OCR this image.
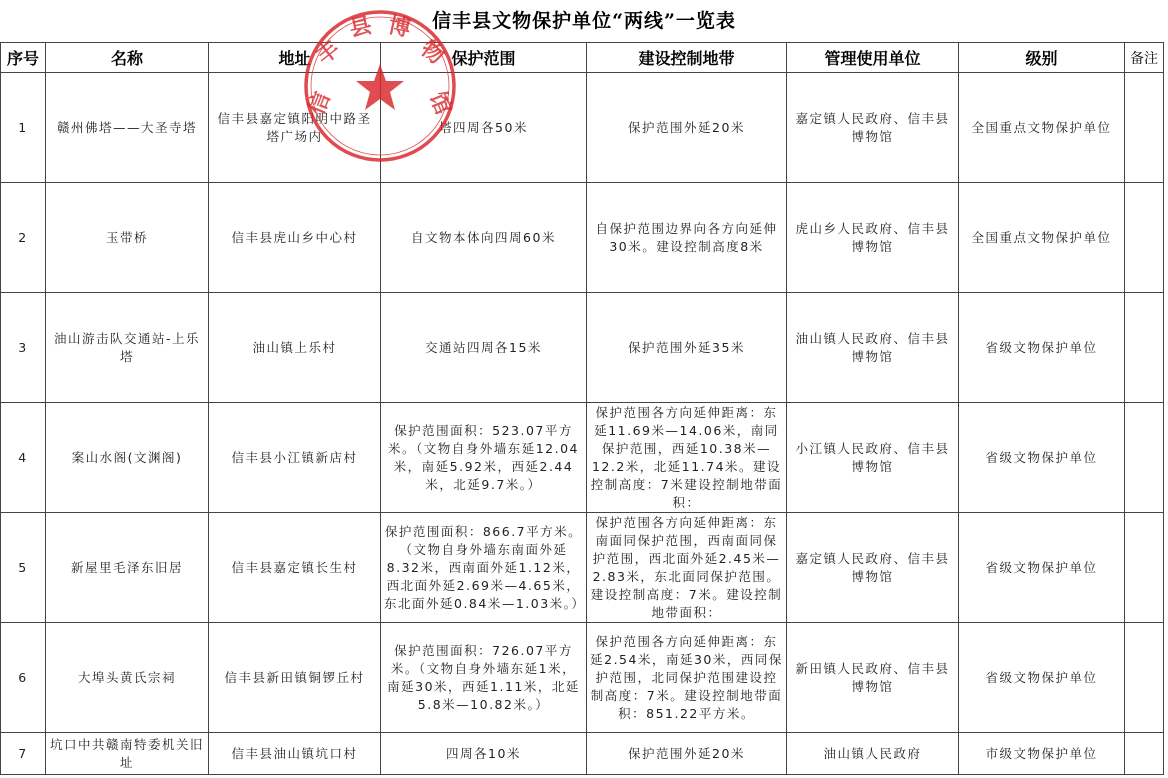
信丰县文物保护单位“两线”一览表
序号	名称	地址	保护范围	建设控制地带	管理使用单位	级别	备注
1	赣州佛塔——大圣寺塔	信丰县嘉定镇阳明中路圣塔广场内	塔四周各50米	保护范围外延20米	嘉定镇人民政府、信丰县博物馆	全国重点文物保护单位	
2	玉带桥	信丰县虎山乡中心村	自文物本体向四周60米	自保护范围边界向各方向延伸30米。建设控制高度8米	虎山乡人民政府、信丰县博物馆	全国重点文物保护单位	
3	油山游击队交通站-上乐塔	油山镇上乐村	交通站四周各15米	保护范围外延35米	油山镇人民政府、信丰县博物馆	省级文物保护单位	
4	案山水阁(文渊阁)	信丰县小江镇新店村	保护范围面积：523.07平方米。（文物自身外墙东延12.04米，南延5.92米，西延2.44米，北延9.7米。）	保护范围各方向延伸距离：东延11.69米—14.06米，南同保护范围，西延10.38米—12.2米，北延11.74米。建设控制高度：7米建设控制地带面积：	小江镇人民政府、信丰县博物馆	省级文物保护单位	
5	新屋里毛泽东旧居	信丰县嘉定镇长生村	保护范围面积：866.7平方米。（文物自身外墙东南面外延8.32米，西南面外延1.12米，西北面外延2.69米—4.65米，东北面外延0.84米—1.03米。）	保护范围各方向延伸距离：东南面同保护范围，西南面同保护范围，西北面外延2.45米—2.83米，东北面同保护范围。建设控制高度：7米。建设控制地带面积：	嘉定镇人民政府、信丰县博物馆	省级文物保护单位	
6	大埠头黄氏宗祠	信丰县新田镇铜锣丘村	保护范围面积：726.07平方米。（文物自身外墙东延1米，南延30米，西延1.11米，北延5.8米—10.82米。）	保护范围各方向延伸距离：东延2.54米，南延30米，西同保护范围，北同保护范围建设控制高度：7米。建设控制地带面积：851.22平方米。	新田镇人民政府、信丰县博物馆	省级文物保护单位	
7	坑口中共赣南特委机关旧址	信丰县油山镇坑口村	四周各10米	保护范围外延20米	油山镇人民政府	市级文物保护单位	
信
丰
县 博
物
馆
